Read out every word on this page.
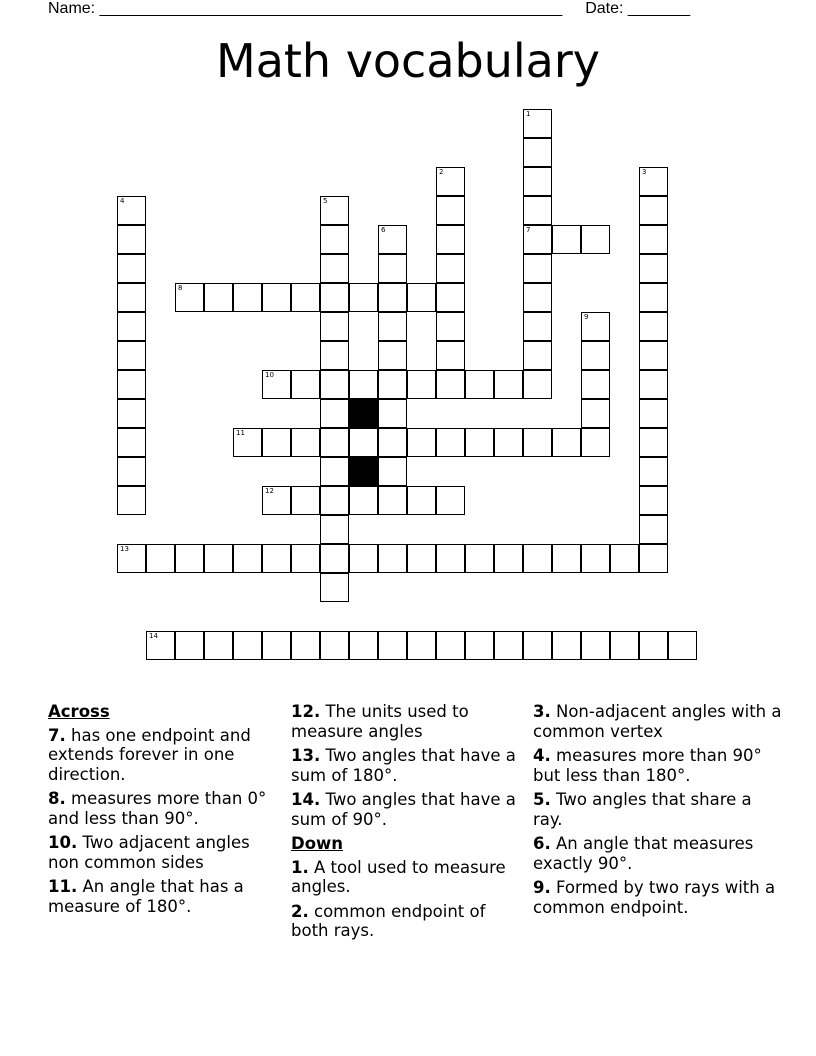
Name: ____________________________________________________ Date: _______
Math vocabulary
1
7
2	3
4	5
6
8
9
10
11
12
13
14
Across
7. has one endpoint and extends forever in one direction.
8. measures more than 0° and less than 90°.
10. Two adjacent angles non common sides
11. An angle that has a measure of 180°.
12. The units used to measure angles
13. Two angles that have a sum of 180°.
14. Two angles that have a sum of 90°.
Down
1. A tool used to measure angles.
2. common endpoint of both rays.
3. Non-adjacent angles with a common vertex
4. measures more than 90° but less than 180°.
5. Two angles that share a ray.
6. An angle that measures exactly 90°.
9. Formed by two rays with a common endpoint.
